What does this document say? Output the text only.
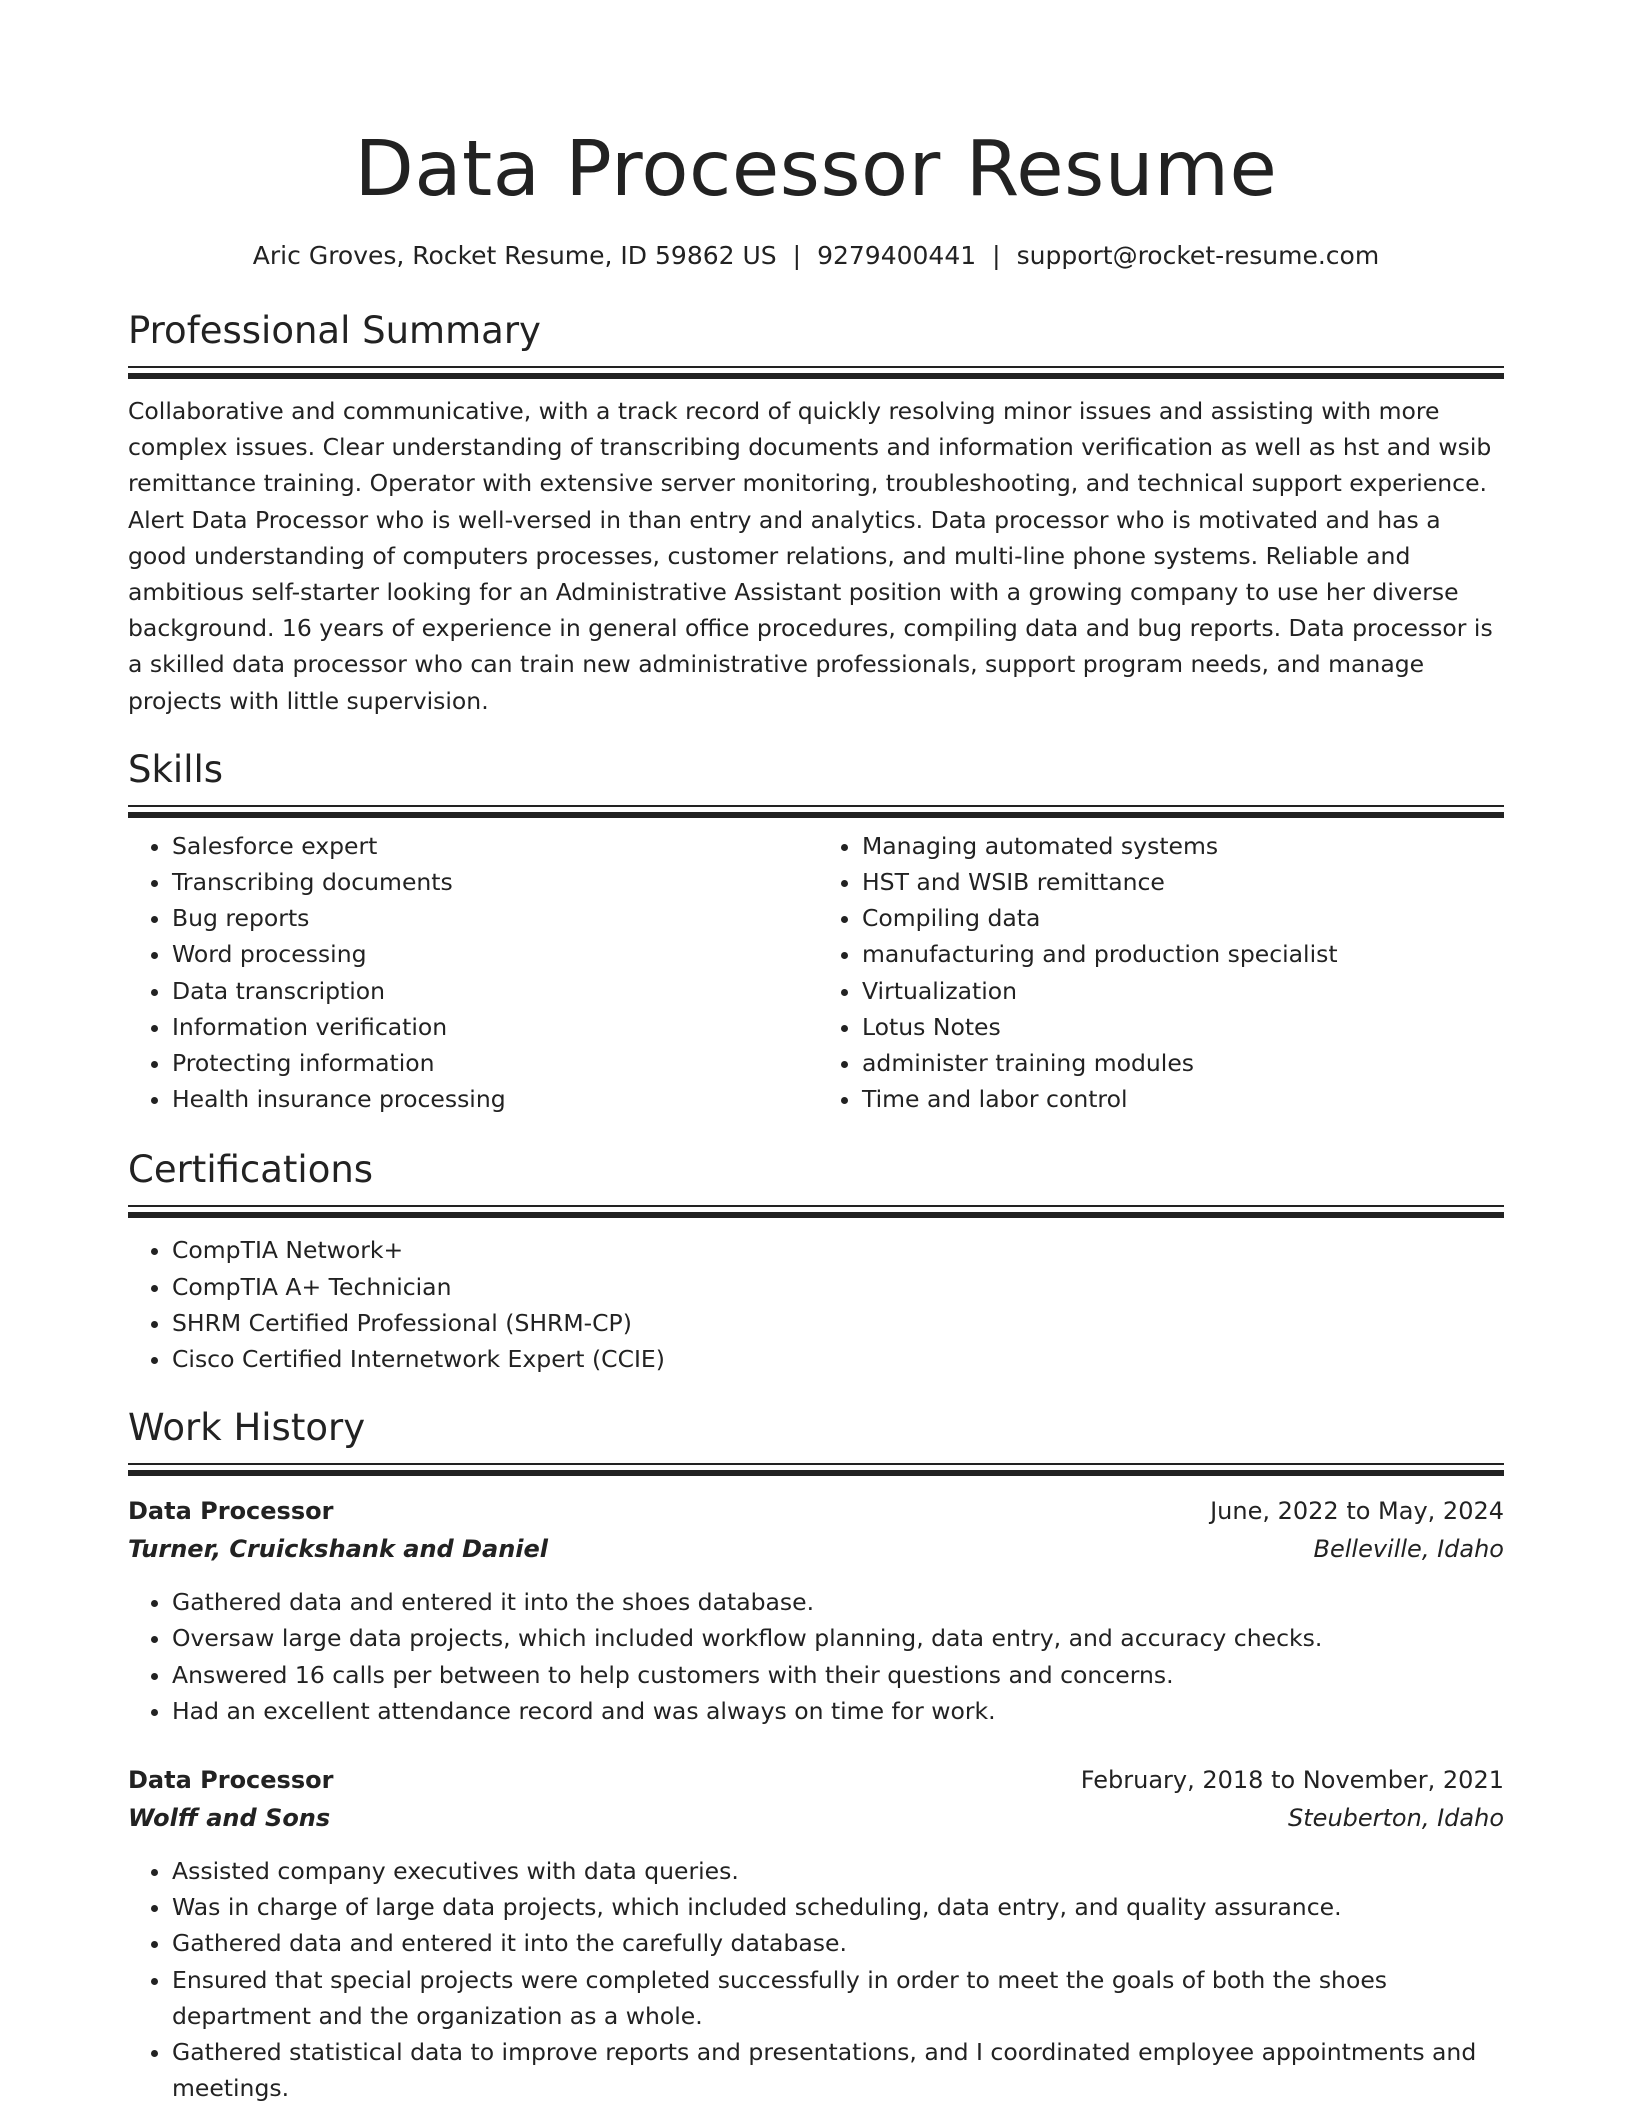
Data Processor Resume
Aric Groves, Rocket Resume, ID 59862 US | 9279400441 | support@rocket-resume.com
Professional Summary
Collaborative and communicative, with a track record of quickly resolving minor issues and assisting with more complex issues. Clear understanding of transcribing documents and information verification as well as hst and wsib remittance training. Operator with extensive server monitoring, troubleshooting, and technical support experience. Alert Data Processor who is well-versed in than entry and analytics. Data processor who is motivated and has a good understanding of computers processes, customer relations, and multi-line phone systems. Reliable and ambitious self-starter looking for an Administrative Assistant position with a growing company to use her diverse background. 16 years of experience in general office procedures, compiling data and bug reports. Data processor is a skilled data processor who can train new administrative professionals, support program needs, and manage projects with little supervision.
Skills
• Salesforce expert
• Transcribing documents
• Bug reports
• Word processing
• Data transcription
• Information verification
• Protecting information
• Health insurance processing
• Managing automated systems
• HST and WSIB remittance
• Compiling data
• manufacturing and production specialist
• Virtualization
• Lotus Notes
• administer training modules
• Time and labor control
Certifications
• CompTIA Network+
• CompTIA A+ Technician
• SHRM Certified Professional (SHRM-CP)
• Cisco Certified Internetwork Expert (CCIE)
Work History
Data Processor	June, 2022 to May, 2024
Turner, Cruickshank and Daniel	Belleville, Idaho
• Gathered data and entered it into the shoes database.
• Oversaw large data projects, which included workflow planning, data entry, and accuracy checks.
• Answered 16 calls per between to help customers with their questions and concerns.
• Had an excellent attendance record and was always on time for work.
Data Processor	February, 2018 to November, 2021
Wolff and Sons	Steuberton, Idaho
• Assisted company executives with data queries.
• Was in charge of large data projects, which included scheduling, data entry, and quality assurance.
• Gathered data and entered it into the carefully database.
• Ensured that special projects were completed successfully in order to meet the goals of both the shoes department and the organization as a whole.
• Gathered statistical data to improve reports and presentations, and I coordinated employee appointments and meetings.
